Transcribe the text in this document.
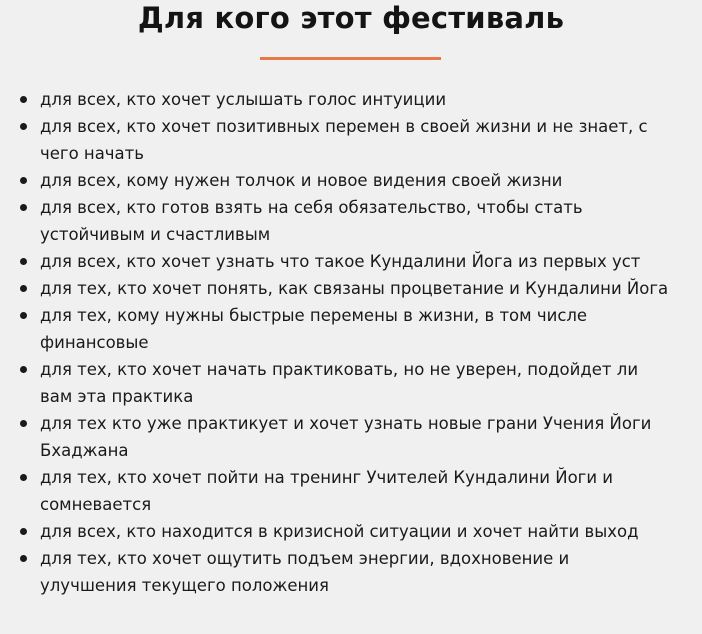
Для кого этот фестиваль
для всех, кто хочет услышать голос интуиции
для всех, кто хочет позитивных перемен в своей жизни и не знает, с чего начать
для всех, кому нужен толчок и новое видения своей жизни
для всех, кто готов взять на себя обязательство, чтобы стать устойчивым и счастливым
для всех, кто хочет узнать что такое Кундалини Йога из первых уст
для тех, кто хочет понять, как связаны процветание и Кундалини Йога
для тех, кому нужны быстрые перемены в жизни, в том числе финансовые
для тех, кто хочет начать практиковать, но не уверен, подойдет ли вам эта практика
для тех кто уже практикует и хочет узнать новые грани Учения Йоги Бхаджана
для тех, кто хочет пойти на тренинг Учителей Кундалини Йоги и сомневается
для всех, кто находится в кризисной ситуации и хочет найти выход
для тех, кто хочет ощутить подъем энергии, вдохновение и улучшения текущего положения
